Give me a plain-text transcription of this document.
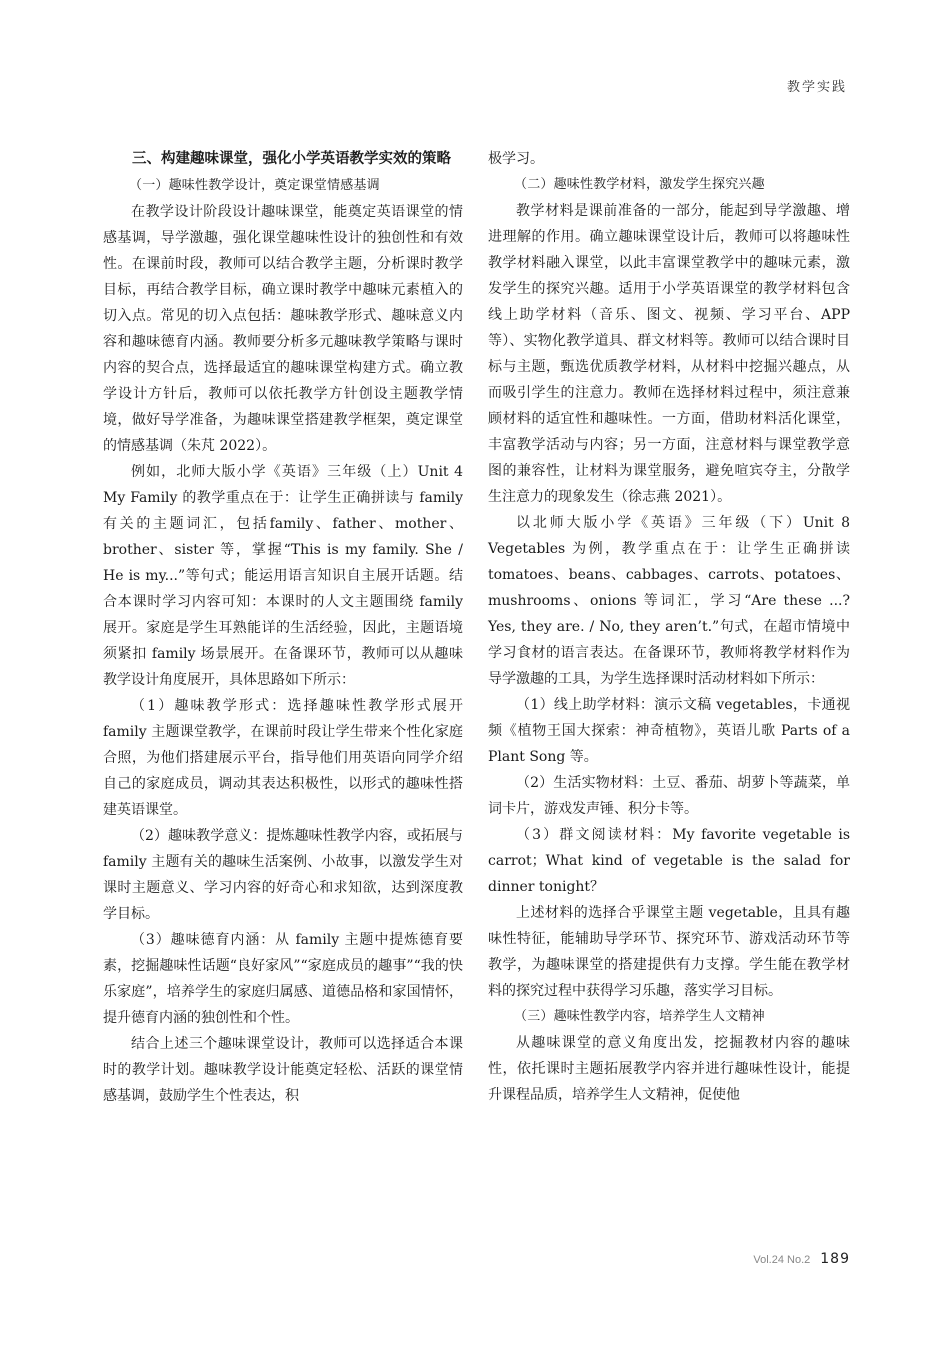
教学实践

三、构建趣味课堂，强化小学英语教学实效的策略

（一）趣味性教学设计，奠定课堂情感基调

在教学设计阶段设计趣味课堂，能奠定英语课堂的情感基调，导学激趣，强化课堂趣味性设计的独创性和有效性。在课前时段，教师可以结合教学主题，分析课时教学目标，再结合教学目标，确立课时教学中趣味元素植入的切入点。常见的切入点包括：趣味教学形式、趣味意义内容和趣味德育内涵。教师要分析多元趣味教学策略与课时内容的契合点，选择最适宜的趣味课堂构建方式。确立教学设计方针后，教师可以依托教学方针创设主题教学情境，做好导学准备，为趣味课堂搭建教学框架，奠定课堂的情感基调（朱芃 2022）。

例如，北师大版小学《英语》三年级（上）Unit 4 My Family 的教学重点在于：让学生正确拼读与 family 有关的主题词汇，包括family、father、mother、brother、sister 等，掌握“This is my family. She / He is my...”等句式；能运用语言知识自主展开话题。结合本课时学习内容可知：本课时的人文主题围绕 family 展开。家庭是学生耳熟能详的生活经验，因此，主题语境须紧扣 family 场景展开。在备课环节，教师可以从趣味教学设计角度展开，具体思路如下所示：

（1）趣味教学形式：选择趣味性教学形式展开 family 主题课堂教学，在课前时段让学生带来个性化家庭合照，为他们搭建展示平台，指导他们用英语向同学介绍自己的家庭成员，调动其表达积极性，以形式的趣味性搭建英语课堂。

（2）趣味教学意义：提炼趣味性教学内容，或拓展与 family 主题有关的趣味生活案例、小故事，以激发学生对课时主题意义、学习内容的好奇心和求知欲，达到深度教学目标。

（3）趣味德育内涵：从 family 主题中提炼德育要素，挖掘趣味性话题“良好家风”“家庭成员的趣事”“我的快乐家庭”，培养学生的家庭归属感、道德品格和家国情怀，提升德育内涵的独创性和个性。

结合上述三个趣味课堂设计，教师可以选择适合本课时的教学计划。趣味教学设计能奠定轻松、活跃的课堂情感基调，鼓励学生个性表达，积

极学习。

（二）趣味性教学材料，激发学生探究兴趣

教学材料是课前准备的一部分，能起到导学激趣、增进理解的作用。确立趣味课堂设计后，教师可以将趣味性教学材料融入课堂，以此丰富课堂教学中的趣味元素，激发学生的探究兴趣。适用于小学英语课堂的教学材料包含线上助学材料（音乐、图文、视频、学习平台、APP 等）、实物化教学道具、群文材料等。教师可以结合课时目标与主题，甄选优质教学材料，从材料中挖掘兴趣点，从而吸引学生的注意力。教师在选择材料过程中，须注意兼顾材料的适宜性和趣味性。一方面，借助材料活化课堂，丰富教学活动与内容；另一方面，注意材料与课堂教学意图的兼容性，让材料为课堂服务，避免喧宾夺主，分散学生注意力的现象发生（徐志燕 2021）。

以北师大版小学《英语》三年级（下）Unit 8 Vegetables 为例，教学重点在于：让学生正确拼读 tomatoes、beans、cabbages、carrots、potatoes、mushrooms、onions 等词汇，学习“Are these ...? Yes, they are. / No, they aren’t.”句式，在超市情境中学习食材的语言表达。在备课环节，教师将教学材料作为导学激趣的工具，为学生选择课时活动材料如下所示：

（1）线上助学材料：演示文稿 vegetables，卡通视频《植物王国大探索：神奇植物》，英语儿歌 Parts of a Plant Song 等。

（2）生活实物材料：土豆、番茄、胡萝卜等蔬菜，单词卡片，游戏发声锤、积分卡等。

（3）群文阅读材料：My favorite vegetable is carrot；What kind of vegetable is the salad for dinner tonight？

上述材料的选择合乎课堂主题 vegetable，且具有趣味性特征，能辅助导学环节、探究环节、游戏活动环节等教学，为趣味课堂的搭建提供有力支撑。学生能在教学材料的探究过程中获得学习乐趣，落实学习目标。

（三）趣味性教学内容，培养学生人文精神

从趣味课堂的意义角度出发，挖掘教材内容的趣味性，依托课时主题拓展教学内容并进行趣味性设计，能提升课程品质，培养学生人文精神，促使他

Vol.24 No.2 189
